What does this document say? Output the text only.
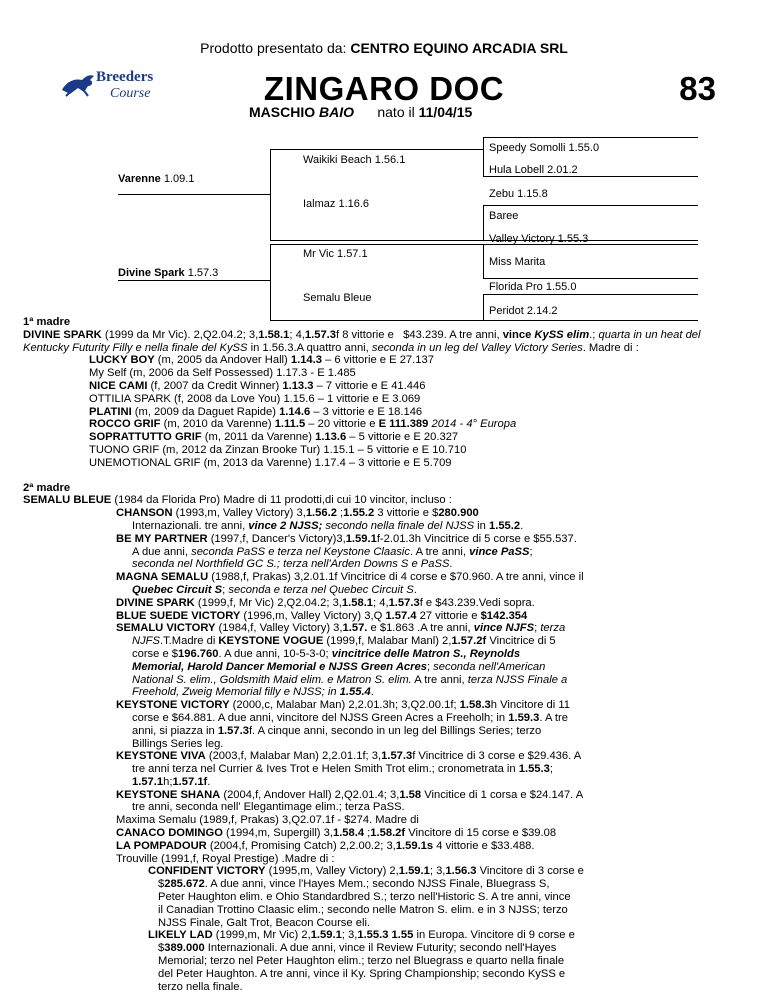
Prodotto presentato da: CENTRO EQUINO ARCADIA SRL
Breeders
Course	ZINGARO DOC	83
MASCHIO BAIO nato il 11/04/15
Varenne 1.09.1
Divine Spark 1.57.3
Waikiki Beach 1.56.1
Ialmaz 1.16.6
Mr Vic 1.57.1
Semalu Bleue
Speedy Somolli 1.55.0
Hula Lobell 2.01.2
Zebu 1.15.8
Baree
Valley Victory 1.55.3
Miss Marita
Florida Pro 1.55.0
Peridot 2.14.2

1ª madre

DIVINE SPARK (1999 da Mr Vic). 2,Q2.04.2; 3,1.58.1; 4,1.57.3f 8 vittorie e   $43.239. A tre anni, vince KySS elim.; quarta in un heat del Kentucky Futurity Filly e nella finale del KySS in 1.56.3.A quattro anni, seconda in un leg del Valley Victory Series. Madre di :

LUCKY BOY (m, 2005 da Andover Hall) 1.14.3 – 6 vittorie e E 27.137

My Self (m, 2006 da Self Possessed) 1.17.3 - E 1.485

NICE CAMI (f, 2007 da Credit Winner) 1.13.3 – 7 vittorie e E 41.446

OTTILIA SPARK (f, 2008 da Love You) 1.15.6 – 1 vittorie e E 3.069

PLATINI (m, 2009 da Daguet Rapide) 1.14.6 – 3 vittorie e E 18.146

ROCCO GRIF (m, 2010 da Varenne) 1.11.5 – 20 vittorie e E 111.389 2014 - 4° Europa

SOPRATTUTTO GRIF (m, 2011 da Varenne) 1.13.6 – 5 vittorie e E 20.327

TUONO GRIF (m, 2012 da Zinzan Brooke Tur) 1.15.1 – 5 vittorie e E 10.710

UNEMOTIONAL GRIF (m, 2013 da Varenne) 1.17.4 – 3 vittorie e E 5.709

2ª madre

SEMALU BLEUE (1984 da Florida Pro) Madre di 11 prodotti,di cui 10 vincitor, incluso :

CHANSON (1993,m, Valley Victory) 3,1.56.2 ;1.55.2 3 vittorie e $280.900

Internazionali. tre anni, vince 2 NJSS; secondo nella finale del NJSS in 1.55.2.

BE MY PARTNER (1997,f, Dancer's Victory)3,1.59.1f-2.01.3h Vincitrice di 5 corse e $55.537.

A due anni, seconda PaSS e terza nel Keystone Claasic. A tre anni, vince PaSS;

seconda nel Northfield GC S.; terza nell'Arden Downs S e PaSS.

MAGNA SEMALU (1988,f, Prakas) 3,2.01.1f Vincitrice di 4 corse e $70.960. A tre anni, vince il

Quebec Circuit S; seconda e terza nel Quebec Circuit S.

DIVINE SPARK (1999,f, Mr Vic) 2,Q2.04.2; 3,1.58.1; 4,1.57.3f e $43.239.Vedi sopra.

BLUE SUEDE VICTORY (1996,m, Valley Victory) 3,Q 1.57.4 27 vittorie e $142.354

SEMALU VICTORY (1984,f, Valley Victory) 3,1.57. e $1.863 .A tre anni, vince NJFS; terza

NJFS.T.Madre di KEYSTONE VOGUE (1999,f, Malabar Manl) 2,1.57.2f Vincitrice di 5

corse e $196.760. A due anni, 10-5-3-0; vincitrice delle Matron S., Reynolds

Memorial, Harold Dancer Memorial e NJSS Green Acres; seconda nell'American

National S. elim., Goldsmith Maid elim. e Matron S. elim. A tre anni, terza NJSS Finale a

Freehold, Zweig Memorial filly e NJSS; in 1.55.4.

KEYSTONE VICTORY (2000,c, Malabar Man) 2,2.01.3h; 3,Q2.00.1f; 1.58.3h Vincitore di 11

corse e $64.881. A due anni, vincitore del NJSS Green Acres a Freeholh; in 1.59.3. A tre

anni, si piazza in 1.57.3f. A cinque anni, secondo in un leg del Billings Series; terzo

Billings Series leg.

KEYSTONE VIVA (2003,f, Malabar Man) 2,2.01.1f; 3,1.57.3f Vincitrice di 3 corse e $29.436. A

tre anni terza nel Currier & Ives Trot e Helen Smith Trot elim.; cronometrata in 1.55.3;

1.57.1h;1.57.1f.

KEYSTONE SHANA (2004,f, Andover Hall) 2,Q2.01.4; 3,1.58 Vincitice di 1 corsa e $24.147. A

tre anni, seconda nell' Elegantimage elim.; terza PaSS.

Maxima Semalu (1989,f, Prakas) 3,Q2.07.1f - $274. Madre di

CANACO DOMINGO (1994,m, Supergill) 3,1.58.4 ;1.58.2f Vincitore di 15 corse e $39.08

LA POMPADOUR (2004,f, Promising Catch) 2,2.00.2; 3,1.59.1s 4 vittorie e $33.488.

Trouville (1991,f, Royal Prestige) .Madre di :

CONFIDENT VICTORY (1995,m, Valley Victory) 2,1.59.1; 3,1.56.3 Vincitore di 3 corse e

$285.672. A due anni, vince l'Hayes Mem.; secondo NJSS Finale, Bluegrass S,

Peter Haughton elim. e Ohio Standardbred S.; terzo nell'Historic S. A tre anni, vince

il Canadian Trottino Claasic elim.; secondo nelle Matron S. elim. e in 3 NJSS; terzo

NJSS Finale, Galt Trot, Beacon Course eli.

LIKELY LAD (1999,m, Mr Vic) 2,1.59.1; 3,1.55.3 1.55 in Europa. Vincitore di 9 corse e

$389.000 Internazionali. A due anni, vince il Review Futurity; secondo nell'Hayes

Memorial; terzo nel Peter Haughton elim.; terzo nel Bluegrass e quarto nella finale

del Peter Haughton. A tre anni, vince il Ky. Spring Championship; secondo KySS e

terzo nella finale.
